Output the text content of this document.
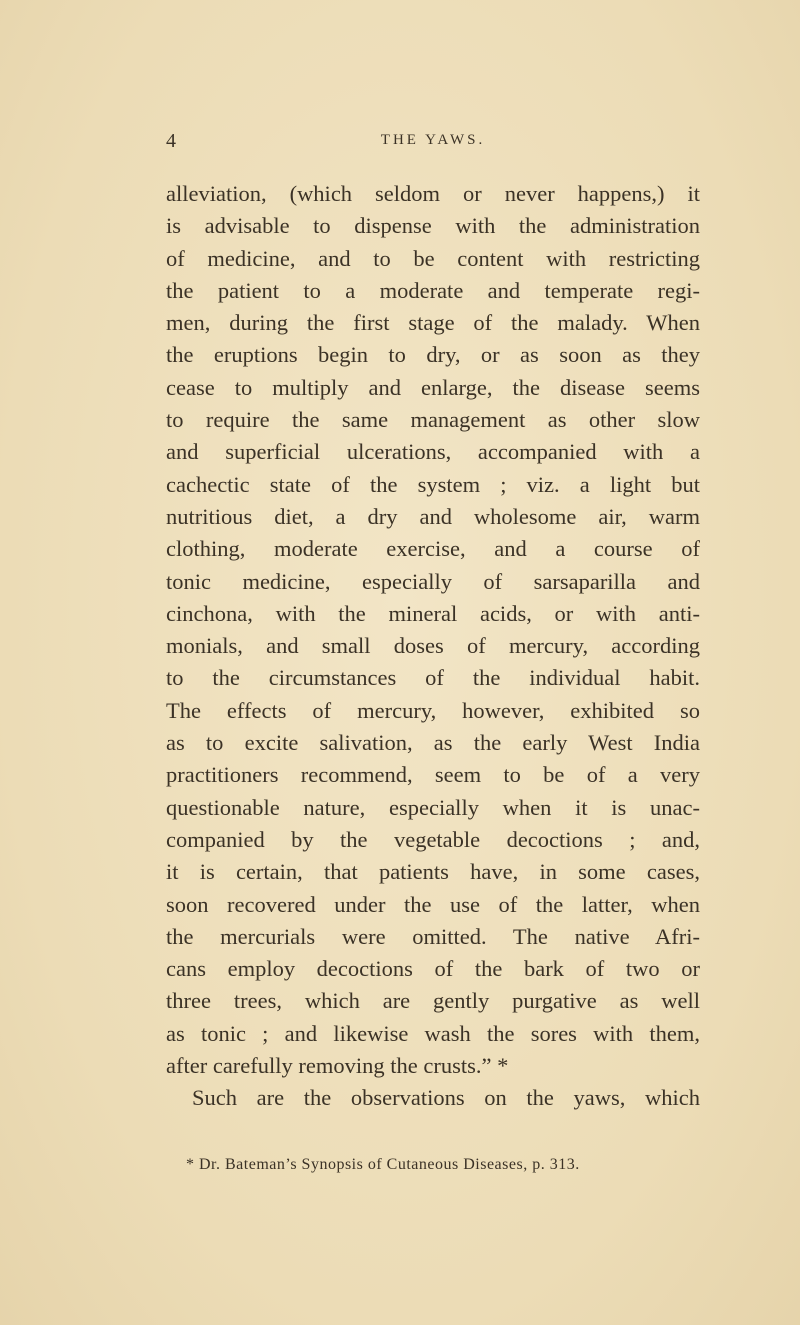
4	THE YAWS.
alleviation, (which seldom or never happens,) it
is advisable to dispense with the administration
of medicine, and to be content with restricting
the patient to a moderate and temperate regi-
men, during the first stage of the malady. When
the eruptions begin to dry, or as soon as they
cease to multiply and enlarge, the disease seems
to require the same management as other slow
and superficial ulcerations, accompanied with a
cachectic state of the system ; viz. a light but
nutritious diet, a dry and wholesome air, warm
clothing, moderate exercise, and a course of
tonic medicine, especially of sarsaparilla and
cinchona, with the mineral acids, or with anti-
monials, and small doses of mercury, according
to the circumstances of the individual habit.
The effects of mercury, however, exhibited so
as to excite salivation, as the early West India
practitioners recommend, seem to be of a very
questionable nature, especially when it is unac-
companied by the vegetable decoctions ; and,
it is certain, that patients have, in some cases,
soon recovered under the use of the latter, when
the mercurials were omitted. The native Afri-
cans employ decoctions of the bark of two or
three trees, which are gently purgative as well
as tonic ; and likewise wash the sores with them,
after carefully removing the crusts.” *
Such are the observations on the yaws, which
* Dr. Bateman’s Synopsis of Cutaneous Diseases, p. 313.
